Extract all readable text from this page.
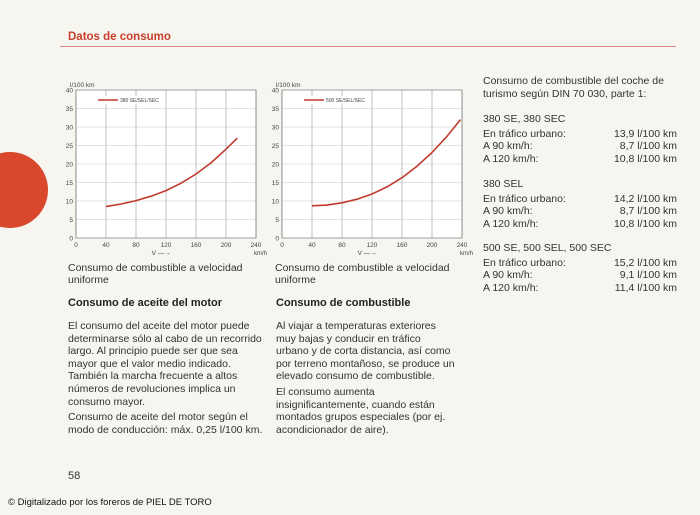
Datos de consumo
0
5
10
15
20
25
30
35
40
0	40	80	120	160	200	240
l/100 km
V —→	km/h
380 SE/SEL/SEC
Consumo de combustible a velocidad uniforme
0
5
10
15
20
25
30
35
40
0	40	80	120	160	200	240
l/100 km
V —→	km/h
500 SE/SEL/SEC
Consumo de combustible a velocidad uniforme
Consumo de aceite del motor
El consumo del aceite del motor puede determinarse sólo al cabo de un recorrido largo. Al principio puede ser que sea mayor que el valor medio indicado. También la marcha frecuente a altos números de revoluciones implica un consumo mayor.
Consumo de aceite del motor según el modo de conducción: máx. 0,25 l/100 km.
Consumo de combustible
Al viajar a temperaturas exteriores muy bajas y conducir en tráfico urbano y de corta distancia, así como por terreno montañoso, se produce un elevado consumo de combustible.
El consumo aumenta insignificantemente, cuando están montados grupos especiales (por ej. acondicionador de aire).
Consumo de combustible del coche de turismo según DIN 70 030, parte 1:
380 SE, 380 SEC
En tráfico urbano:	13,9 l/100 km
A 90 km/h:	8,7 l/100 km
A 120 km/h:	10,8 l/100 km
380 SEL
En tráfico urbano:	14,2 l/100 km
A 90 km/h:	8,7 l/100 km
A 120 km/h:	10,8 l/100 km
500 SE, 500 SEL, 500 SEC
En tráfico urbano:	15,2 l/100 km
A 90 km/h:	9,1 l/100 km
A 120 km/h:	11,4 l/100 km
58
© Digitalizado por los foreros de PIEL DE TORO
